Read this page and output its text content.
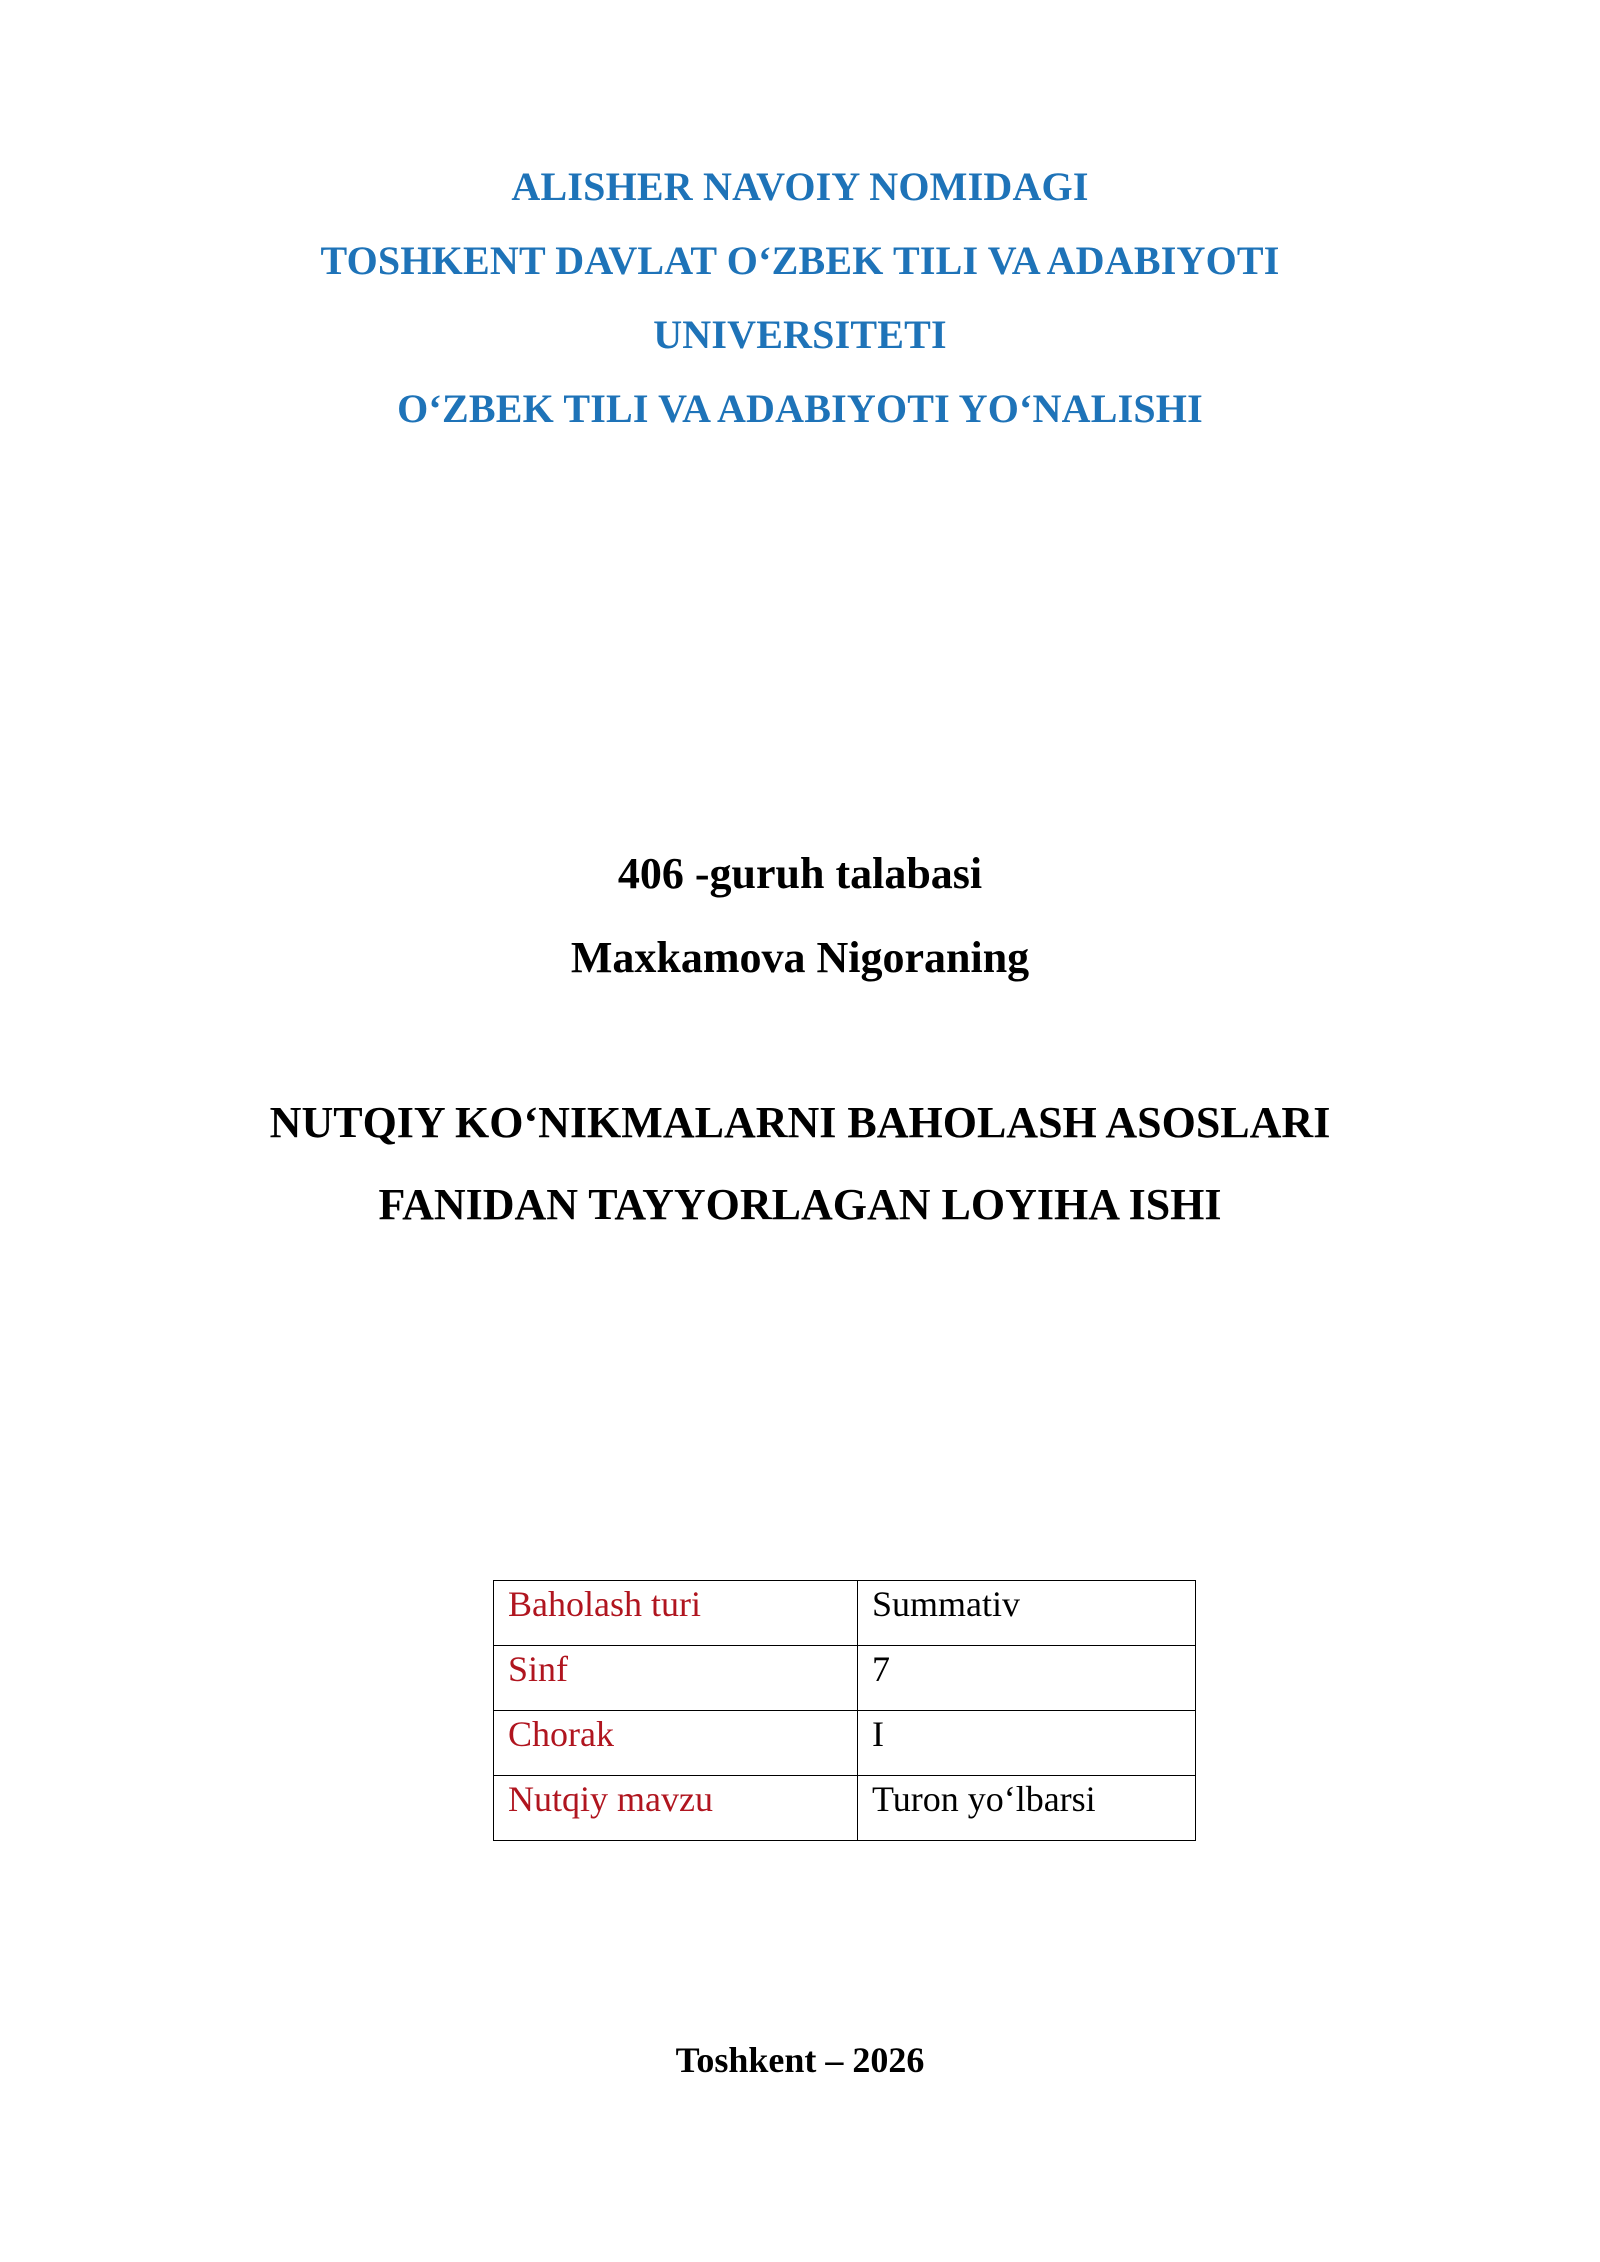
ALISHER NAVOIY NOMIDAGI
TOSHKENT DAVLAT O‘ZBEK TILI VA ADABIYOTI
UNIVERSITETI
O‘ZBEK TILI VA ADABIYOTI YO‘NALISHI
406 -guruh talabasi
Maxkamova Nigoraning
NUTQIY KO‘NIKMALARNI BAHOLASH ASOSLARI
FANIDAN TAYYORLAGAN LOYIHA ISHI
Baholash turi	Summativ
Sinf	7
Chorak	I
Nutqiy mavzu	Turon yo‘lbarsi
Toshkent – 2026
